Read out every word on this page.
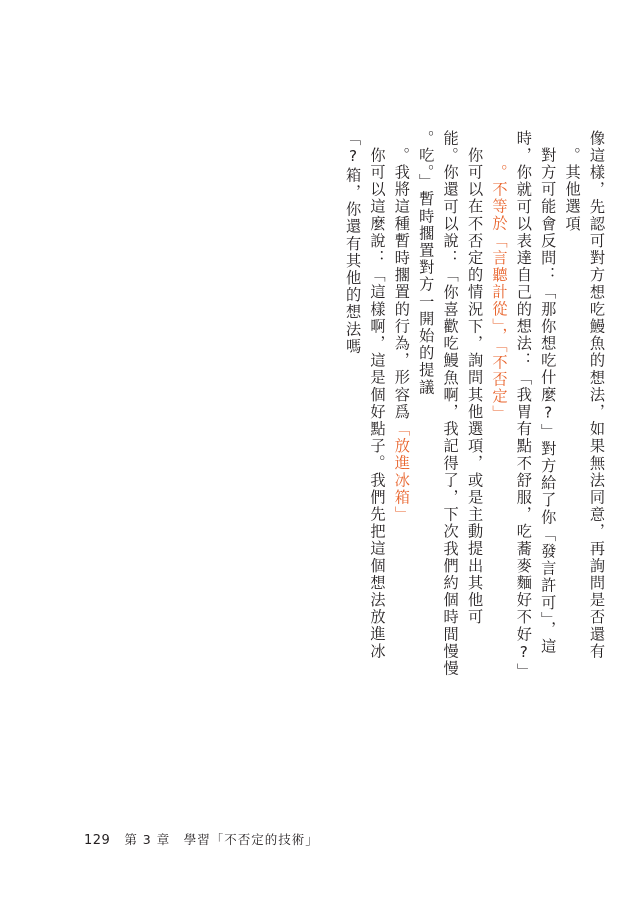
像這樣，先認可對方想吃鰻魚的想法，如果無法同意，再詢問是否還有
其他選項。
對方可能會反問：「那你想吃什麼?」對方給了你「發言許可」，這
時，你就可以表達自己的想法：「我胃有點不舒服，吃蕎麥麵好不好?」
「不否定」，不等於「言聽計從」。
你可以在不否定的情況下，詢問其他選項，或是主動提出其他可
能。你還可以說：「你喜歡吃鰻魚啊，我記得了，下次我們約個時間慢慢
吃。」暫時擱置對方一開始的提議。
我將這種暫時擱置的行為，形容爲「放進冰箱」。
你可以這麼說：「這樣啊，這是個好點子。我們先把這個想法放進冰
箱，你還有其他的想法嗎?」
129 第 3 章　學習「不否定的技術」
